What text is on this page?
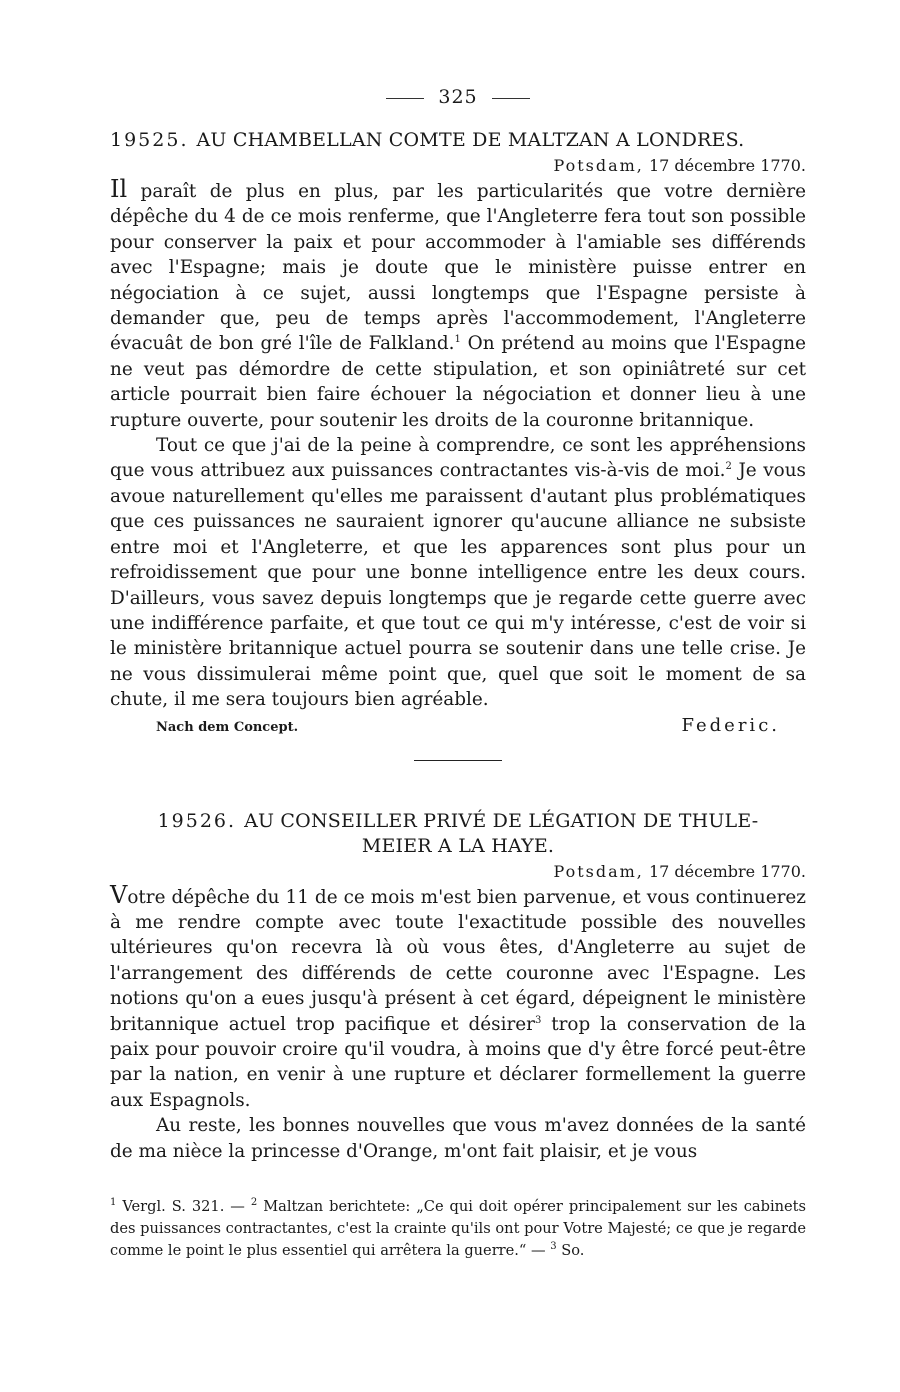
325
19525. AU CHAMBELLAN COMTE DE MALTZAN A LONDRES.
Potsdam, 17 décembre 1770.

Il paraît de plus en plus, par les particularités que votre dernière dépêche du 4 de ce mois renferme, que l'Angleterre fera tout son possible pour conserver la paix et pour accommoder à l'amiable ses différends avec l'Espagne; mais je doute que le ministère puisse entrer en négociation à ce sujet, aussi longtemps que l'Espagne persiste à demander que, peu de temps après l'accommodement, l'Angleterre évacuât de bon gré l'île de Falkland.$^1$ On prétend au moins que l'Espagne ne veut pas démordre de cette stipulation, et son opiniâtreté sur cet article pourrait bien faire échouer la négociation et donner lieu à une rupture ouverte, pour soutenir les droits de la couronne britannique.

Tout ce que j'ai de la peine à comprendre, ce sont les appréhensions que vous attribuez aux puissances contractantes vis-à-vis de moi.$^2$ Je vous avoue naturellement qu'elles me paraissent d'autant plus problématiques que ces puissances ne sauraient ignorer qu'aucune alliance ne subsiste entre moi et l'Angleterre, et que les apparences sont plus pour un refroidissement que pour une bonne intelligence entre les deux cours. D'ailleurs, vous savez depuis longtemps que je regarde cette guerre avec une indifférence parfaite, et que tout ce qui m'y intéresse, c'est de voir si le ministère britannique actuel pourra se soutenir dans une telle crise. Je ne vous dissimulerai même point que, quel que soit le moment de sa chute, il me sera toujours bien agréable.

Nach dem Concept.	Federic.
19526. AU CONSEILLER PRIVÉ DE LÉGATION DE THULE-
MEIER A LA HAYE.
Potsdam, 17 décembre 1770.

Votre dépêche du 11 de ce mois m'est bien parvenue, et vous continuerez à me rendre compte avec toute l'exactitude possible des nouvelles ultérieures qu'on recevra là où vous êtes, d'Angleterre au sujet de l'arrangement des différends de cette couronne avec l'Espagne. Les notions qu'on a eues jusqu'à présent à cet égard, dépeignent le ministère britannique actuel trop pacifique et désirer$^3$ trop la conservation de la paix pour pouvoir croire qu'il voudra, à moins que d'y être forcé peut-être par la nation, en venir à une rupture et déclarer formellement la guerre aux Espagnols.

Au reste, les bonnes nouvelles que vous m'avez données de la santé de ma nièce la princesse d'Orange, m'ont fait plaisir, et je vous

$^1$ Vergl. S. 321. — $^2$ Maltzan berichtete: „Ce qui doit opérer principalement sur les cabinets des puissances contractantes, c'est la crainte qu'ils ont pour Votre Majesté; ce que je regarde comme le point le plus essentiel qui arrêtera la guerre.“ — $^3$ So.
